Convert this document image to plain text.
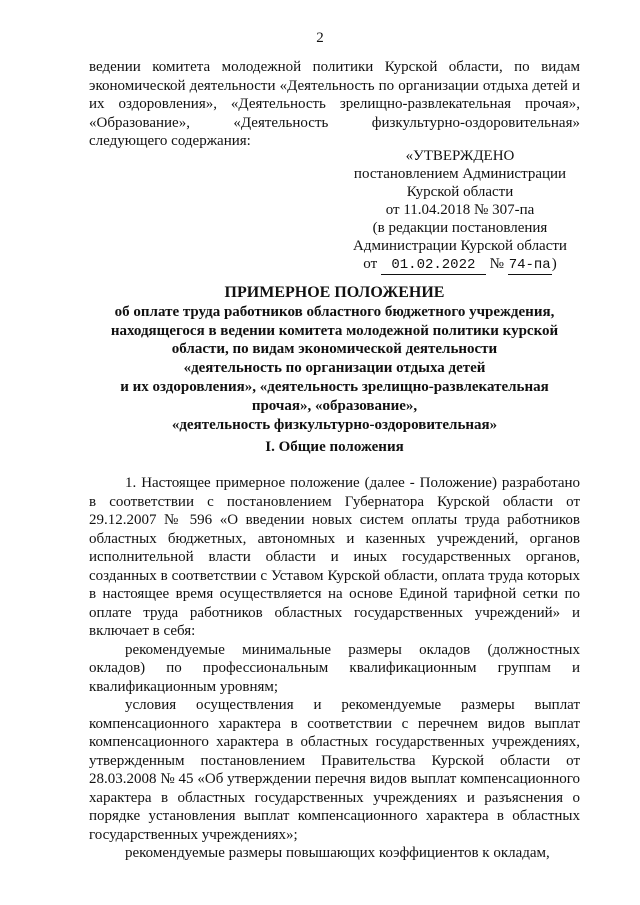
2
ведении комитета молодежной политики Курской области, по видам экономической деятельности «Деятельность по организации отдыха детей и их оздоровления», «Деятельность зрелищно-развлекательная прочая», «Образование», «Деятельность физкультурно-оздоровительная» следующего содержания:
«УТВЕРЖДЕНО
постановлением Администрации
Курской области
от 11.04.2018 № 307-па
(в редакции постановления
Администрации Курской области
от 01.02.2022 № 74-па)
ПРИМЕРНОЕ ПОЛОЖЕНИЕ
об оплате труда работников областного бюджетного учреждения,
находящегося в ведении комитета молодежной политики курской
области, по видам экономической деятельности
«деятельность по организации отдыха детей
и их оздоровления», «деятельность зрелищно-развлекательная
прочая», «образование»,
«деятельность физкультурно-оздоровительная»
I. Общие положения

1. Настоящее примерное положение (далее - Положение) разработано в соответствии с постановлением Губернатора Курской области от 29.12.2007 № 596 «О введении новых систем оплаты труда работников областных бюджетных, автономных и казенных учреждений, органов исполнительной власти области и иных государственных органов, созданных в соответствии с Уставом Курской области, оплата труда которых в настоящее время осуществляется на основе Единой тарифной сетки по оплате труда работников областных государственных учреждений» и включает в себя:

рекомендуемые минимальные размеры окладов (должностных окладов) по профессиональным квалификационным группам и квалификационным уровням;

условия осуществления и рекомендуемые размеры выплат компенсационного характера в соответствии с перечнем видов выплат компенсационного характера в областных государственных учреждениях, утвержденным постановлением Правительства Курской области от 28.03.2008 № 45 «Об утверждении перечня видов выплат компенсационного характера в областных государственных учреждениях и разъяснения о порядке установления выплат компенсационного характера в областных государственных учреждениях»;

рекомендуемые размеры повышающих коэффициентов к окладам,
